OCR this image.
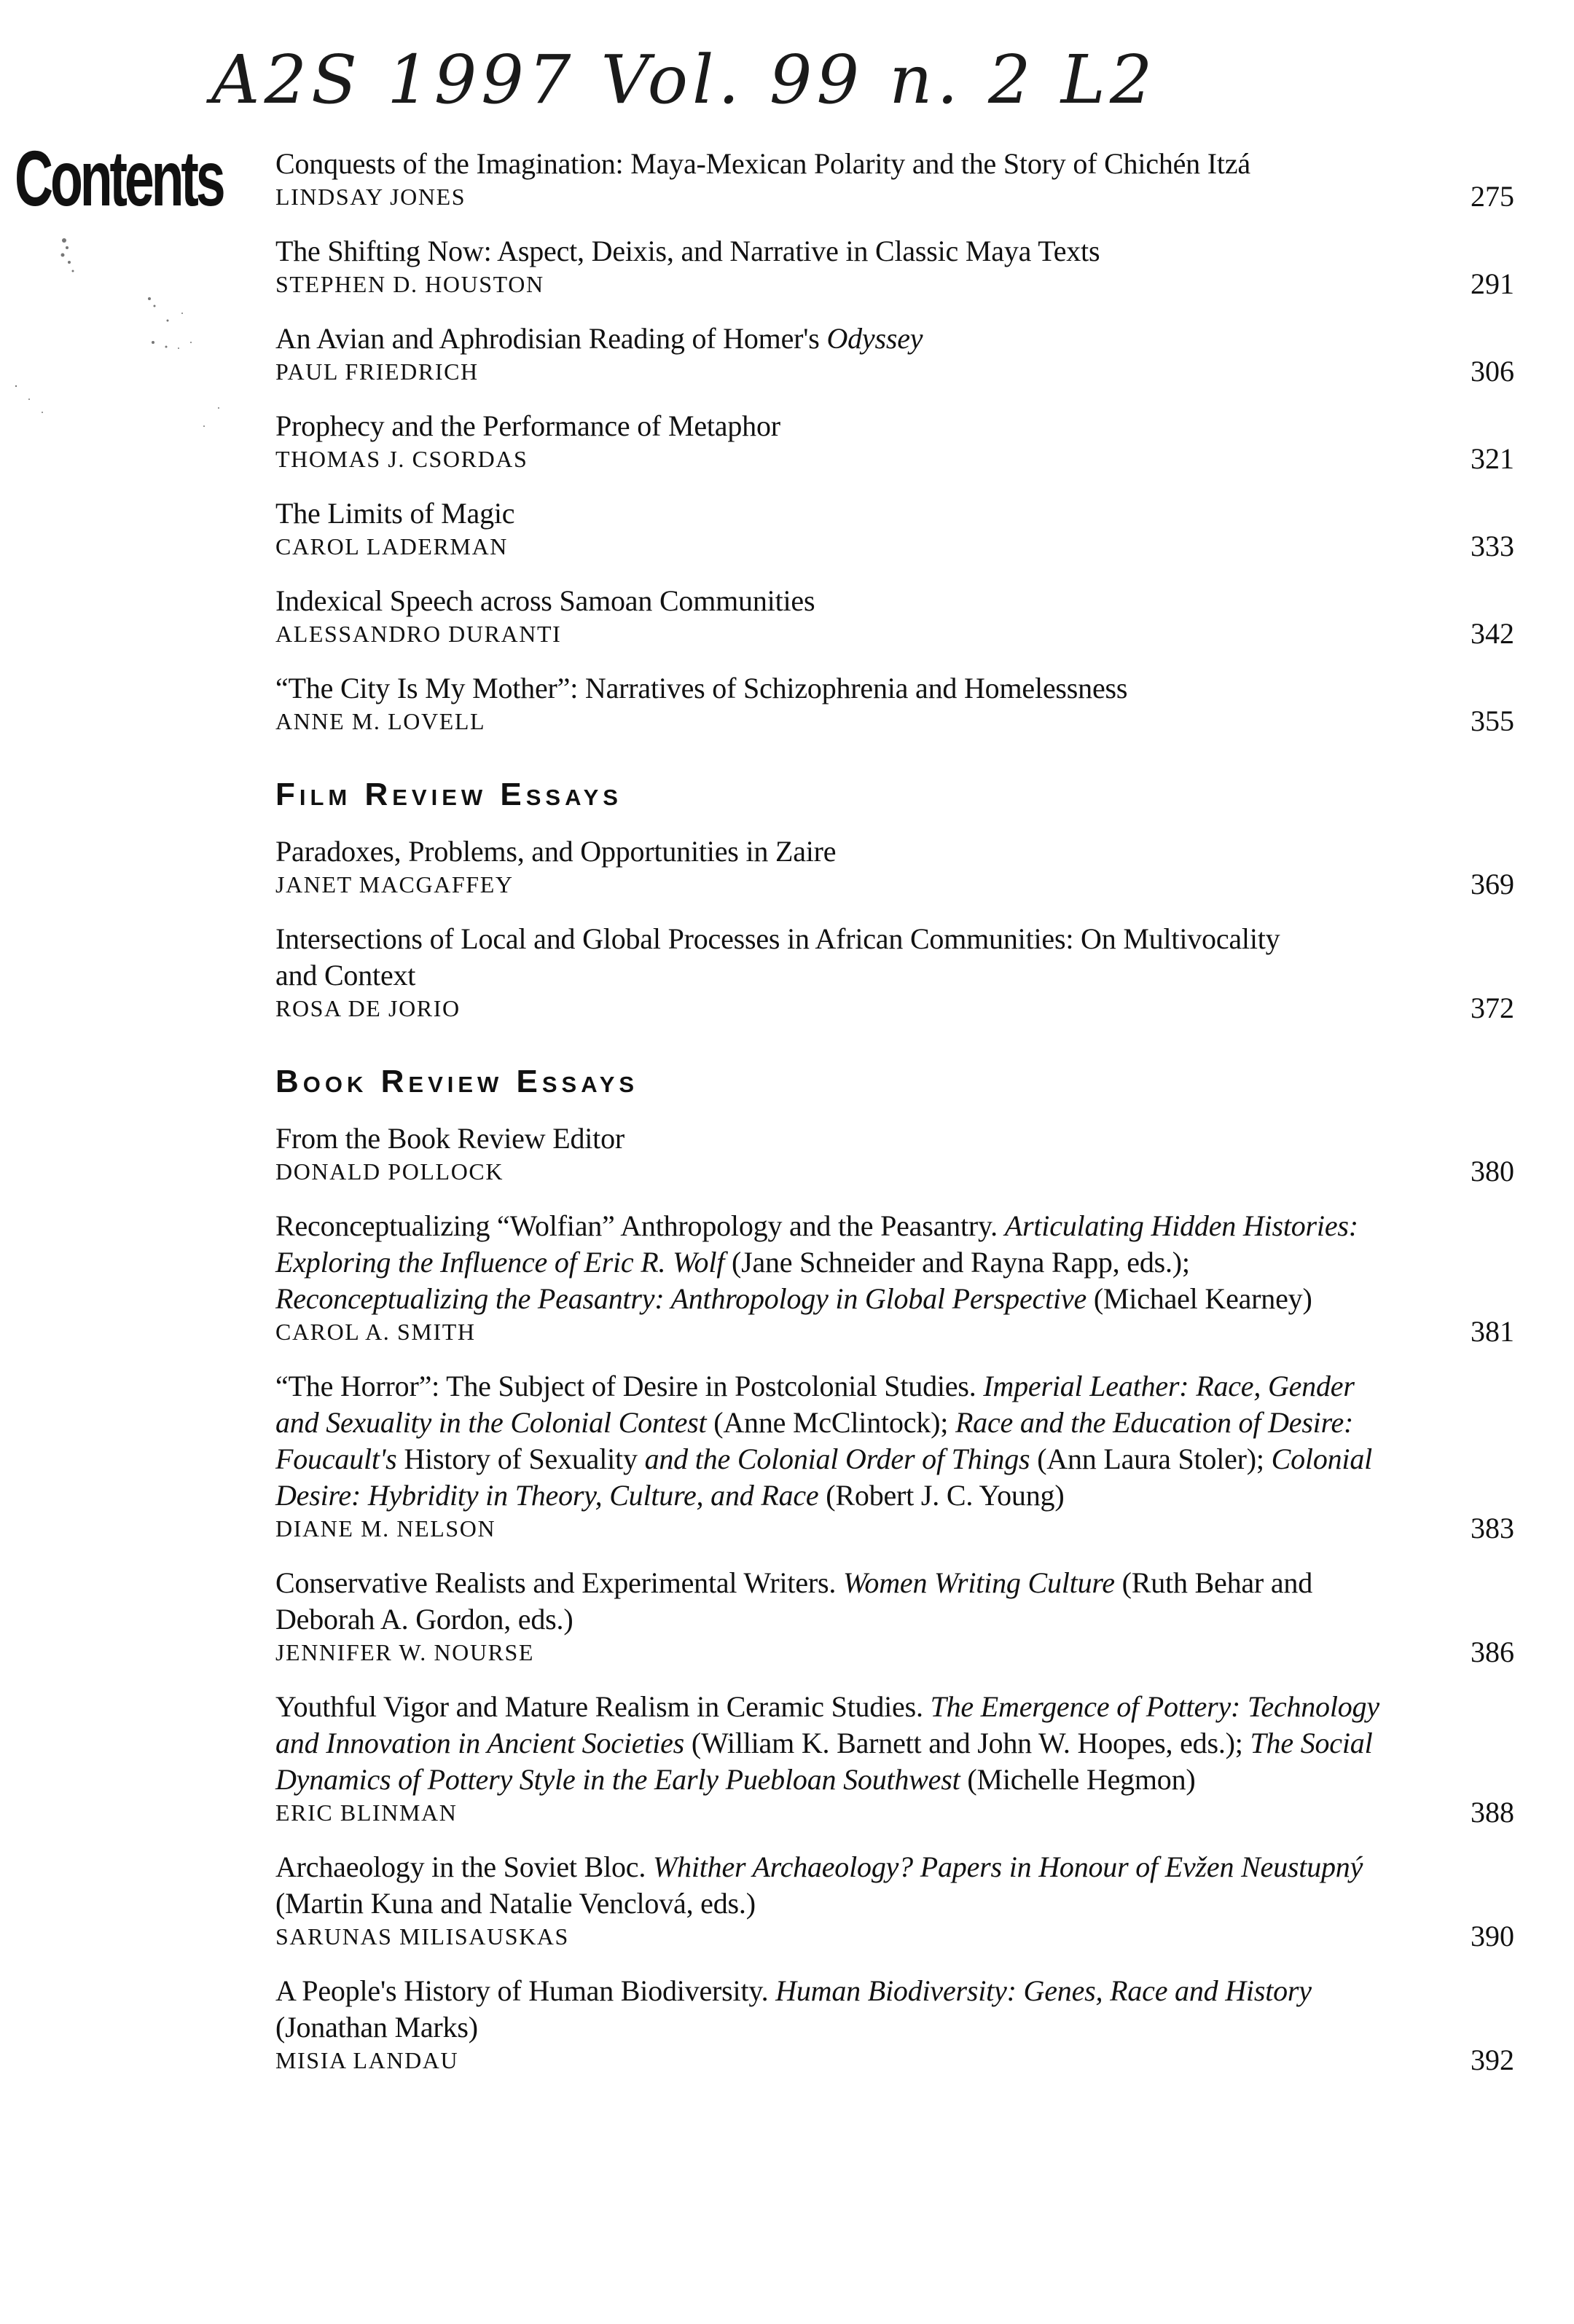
A2S 1997 Vol. 99 n. 2 L2
Contents Conquests of the Imagination: Maya-Mexican Polarity and the Story of Chichén Itzá

LINDSAY JONES	275

The Shifting Now: Aspect, Deixis, and Narrative in Classic Maya Texts

STEPHEN D. HOUSTON	291

An Avian and Aphrodisian Reading of Homer's Odyssey

PAUL FRIEDRICH	306

Prophecy and the Performance of Metaphor

THOMAS J. CSORDAS	321

The Limits of Magic

CAROL LADERMAN	333

Indexical Speech across Samoan Communities

ALESSANDRO DURANTI	342

“The City Is My Mother”: Narratives of Schizophrenia and Homelessness

ANNE M. LOVELL	355
Film Review Essays

Paradoxes, Problems, and Opportunities in Zaire

JANET MACGAFFEY	369

Intersections of Local and Global Processes in African Communities: On Multivocality and Context

ROSA DE JORIO	372
Book Review Essays

From the Book Review Editor

DONALD POLLOCK	380

Reconceptualizing “Wolfian” Anthropology and the Peasantry. Articulating Hidden Histories: Exploring the Influence of Eric R. Wolf (Jane Schneider and Rayna Rapp, eds.); Reconceptualizing the Peasantry: Anthropology in Global Perspective (Michael Kearney)

CAROL A. SMITH	381

“The Horror”: The Subject of Desire in Postcolonial Studies. Imperial Leather: Race, Gender and Sexuality in the Colonial Contest (Anne McClintock); Race and the Education of Desire: Foucault's History of Sexuality and the Colonial Order of Things (Ann Laura Stoler); Colonial Desire: Hybridity in Theory, Culture, and Race (Robert J. C. Young)

DIANE M. NELSON	383

Conservative Realists and Experimental Writers. Women Writing Culture (Ruth Behar and Deborah A. Gordon, eds.)

JENNIFER W. NOURSE	386

Youthful Vigor and Mature Realism in Ceramic Studies. The Emergence of Pottery: Technology and Innovation in Ancient Societies (William K. Barnett and John W. Hoopes, eds.); The Social Dynamics of Pottery Style in the Early Puebloan Southwest (Michelle Hegmon)

ERIC BLINMAN	388

Archaeology in the Soviet Bloc. Whither Archaeology? Papers in Honour of Evžen Neustupný (Martin Kuna and Natalie Venclová, eds.)

SARUNAS MILISAUSKAS	390

A People's History of Human Biodiversity. Human Biodiversity: Genes, Race and History (Jonathan Marks)

MISIA LANDAU	392
